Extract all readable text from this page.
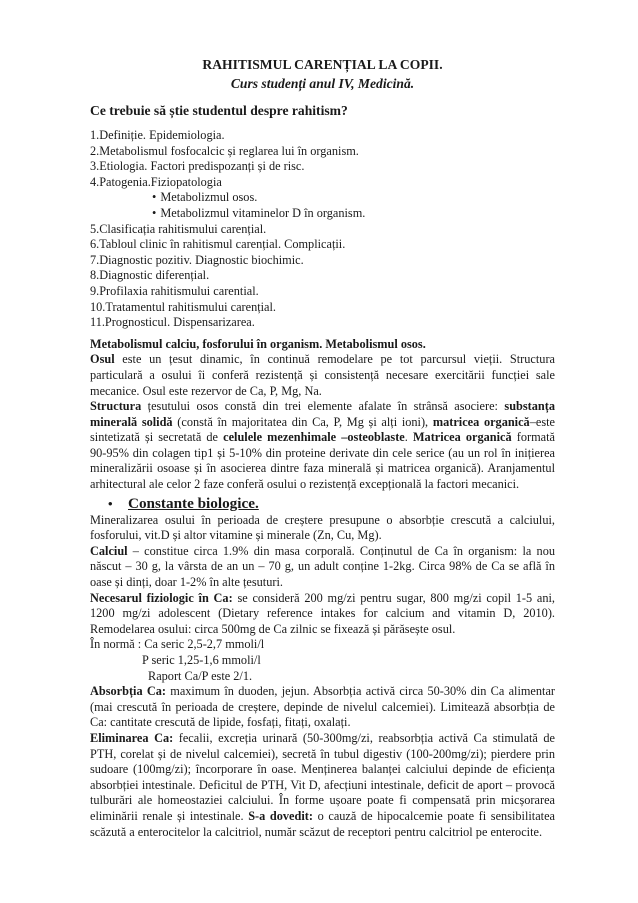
RAHITISMUL CARENȚIAL LA COPII.
Curs studenți anul IV, Medicină.
Ce trebuie să știe studentul despre rahitism?
1.Definiție. Epidemiologia.
2.Metabolismul fosfocalcic și reglarea lui în organism.
3.Etiologia. Factori predispozanți și de risc.
4.Patogenia.Fiziopatologia
• Metabolizmul osos.
• Metabolizmul vitaminelor D în organism.
5.Clasificația rahitismului carențial.
6.Tabloul clinic în rahitismul carențial. Complicații.
7.Diagnostic pozitiv. Diagnostic biochimic.
8.Diagnostic diferențial.
9.Profilaxia rahitismului carential.
10.Tratamentul rahitismului carențial.
11.Prognosticul. Dispensarizarea.
Metabolismul calciu, fosforului în organism. Metabolismul osos.
Osul este un țesut dinamic, în continuă remodelare pe tot parcursul vieții. Structura particulară a osului îi conferă rezistență și consistență necesare exercitării funcției sale mecanice. Osul este rezervor de Ca, P, Mg, Na.
Structura țesutului osos constă din trei elemente afalate în strânsă asociere: substanța minerală solidă (constă în majoritatea din Ca, P, Mg și alți ioni), matricea organică–este sintetizată și secretată de celulele mezenhimale –osteoblaste. Matricea organică formată 90-95% din colagen tip1 și 5-10% din proteine derivate din cele serice (au un rol în inițierea mineralizării osoase și în asocierea dintre faza minerală și matricea organică). Aranjamentul arhitectural ale celor 2 faze conferă osului o rezistență excepțională la factori mecanici.
• Constante biologice.
Mineralizarea osului în perioada de creștere presupune o absorbție crescută a calciului, fosforului, vit.D și altor vitamine și minerale (Zn, Cu, Mg).
Calciul – constitue circa 1.9% din masa corporală. Conținutul de Ca în organism: la nou născut – 30 g, la vârsta de an un – 70 g, un adult conține 1-2kg. Circa 98% de Ca se află în oase și dinți, doar 1-2% în alte țesuturi.
Necesarul fiziologic în Ca: se consideră 200 mg/zi pentru sugar, 800 mg/zi copil 1-5 ani, 1200 mg/zi adolescent (Dietary reference intakes for calcium and vitamin D, 2010). Remodelarea osului: circa 500mg de Ca zilnic se fixează și părăsește osul.
În normă : Ca seric 2,5-2,7 mmoli/l
P seric 1,25-1,6 mmoli/l
Raport Ca/P este 2/1.
Absorbția Ca: maximum în duoden, jejun. Absorbția activă circa 50-30% din Ca alimentar (mai crescută în perioada de creștere, depinde de nivelul calcemiei). Limitează absorbția de Ca: cantitate crescută de lipide, fosfați, fitați, oxalați.
Eliminarea Ca: fecalii, excreția urinară (50-300mg/zi, reabsorbția activă Ca stimulată de PTH, corelat și de nivelul calcemiei), secretă în tubul digestiv (100-200mg/zi); pierdere prin sudoare (100mg/zi); încorporare în oase. Menținerea balanței calciului depinde de eficiența absorbției intestinale. Deficitul de PTH, Vit D, afecțiuni intestinale, deficit de aport – provocă tulburări ale homeostaziei calciului. În forme ușoare poate fi compensată prin micșorarea eliminării renale și intestinale. S-a dovedit: o cauză de hipocalcemie poate fi sensibilitatea scăzută a enterocitelor la calcitriol, număr scăzut de receptori pentru calcitriol pe enterocite.
